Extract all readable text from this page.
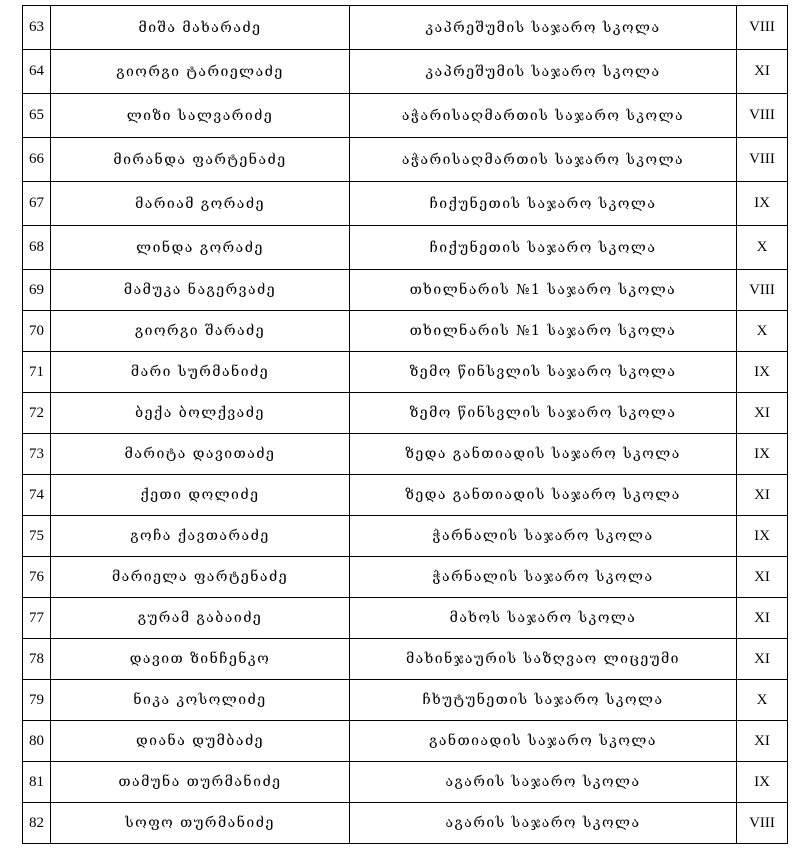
63	მიშა მახარაძე	კაპრეშუმის საჯარო სკოლა	VIII
64	გიორგი ტარიელაძე	კაპრეშუმის საჯარო სკოლა	XI
65	ლიზი სალვარიძე	აჭარისაღმართის საჯარო სკოლა	VIII
66	მირანდა ფარტენაძე	აჭარისაღმართის საჯარო სკოლა	VIII
67	მარიამ გორაძე	ჩიქუნეთის საჯარო სკოლა	IX
68	ლინდა გორაძე	ჩიქუნეთის საჯარო სკოლა	X
69	მამუკა ნაგერვაძე	თხილნარის №1 საჯარო სკოლა	VIII
70	გიორგი შარაძე	თხილნარის №1 საჯარო სკოლა	X
71	მარი სურმანიძე	ზემო წინსვლის საჯარო სკოლა	IX
72	ბექა ბოლქვაძე	ზემო წინსვლის საჯარო სკოლა	XI
73	მარიტა დავითაძე	ზედა განთიადის საჯარო სკოლა	IX
74	ქეთი დოლიძე	ზედა განთიადის საჯარო სკოლა	XI
75	გოჩა ქავთარაძე	ჭარნალის საჯარო სკოლა	IX
76	მარიელა ფარტენაძე	ჭარნალის საჯარო სკოლა	XI
77	გურამ გაბაიძე	მახოს საჯარო სკოლა	XI
78	დავით ზინჩენკო	მახინჯაურის საზღვაო ლიცეუმი	XI
79	ნიკა კოსოლიძე	ჩხუტუნეთის საჯარო სკოლა	X
80	დიანა დუმბაძე	განთიადის საჯარო სკოლა	XI
81	თამუნა თურმანიძე	აგარის საჯარო სკოლა	IX
82	სოფო თურმანიძე	აგარის საჯარო სკოლა	VIII
